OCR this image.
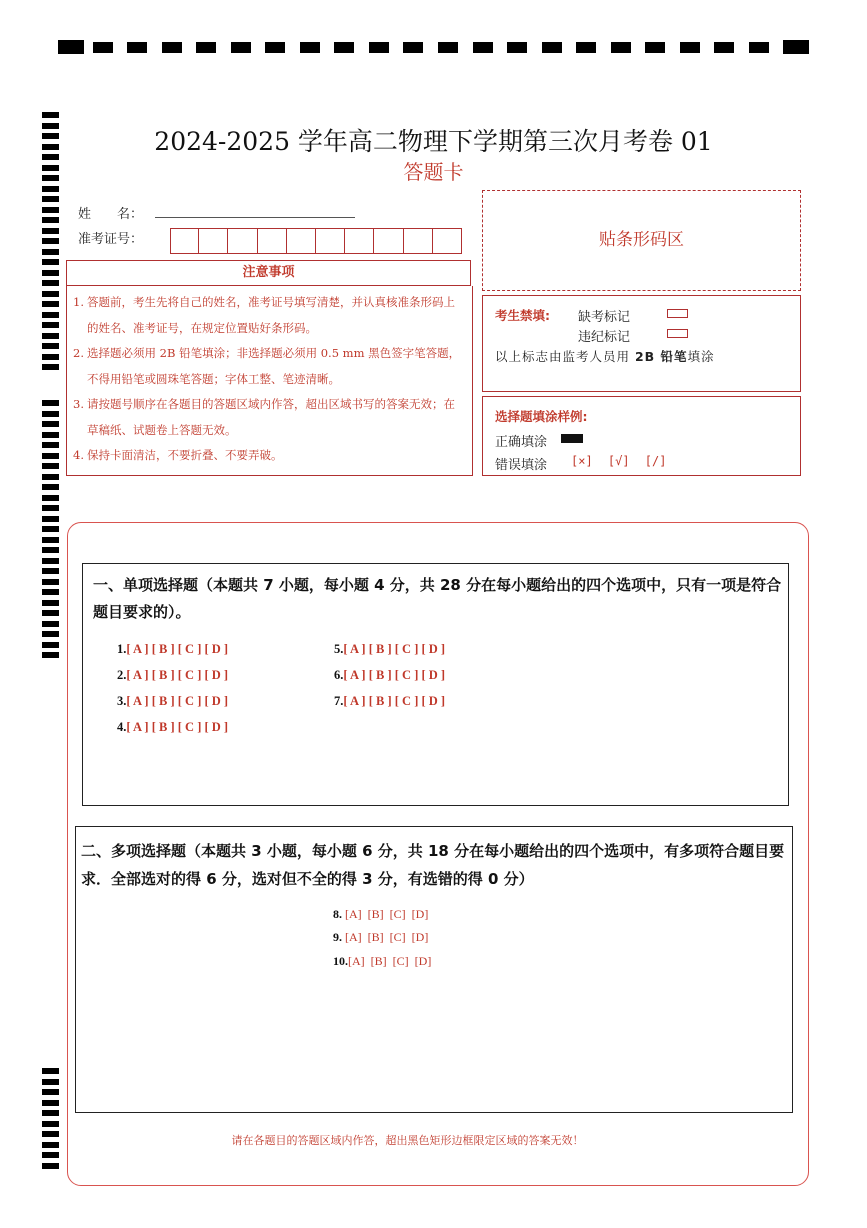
2024-2025 学年高二物理下学期第三次月考卷 01
答题卡
姓　　名：
准考证号：
注意事项
1. 答题前，考生先将自己的姓名，准考证号填写清楚，并认真核准条形码上的姓名、准考证号，在规定位置贴好条形码。
2. 选择题必须用 2B 铅笔填涂；非选择题必须用 0.5 mm 黑色签字笔答题，不得用铅笔或圆珠笔答题；字体工整、笔迹清晰。
3. 请按题号顺序在各题目的答题区域内作答，超出区域书写的答案无效；在草稿纸、试题卷上答题无效。
4. 保持卡面清洁，不要折叠、不要弄破。
贴条形码区
考生禁填: 缺考标记
违纪标记
以上标志由监考人员用 2B 铅笔填涂
选择题填涂样例:
正确填涂
错误填涂 [×] [√] [/]
一、单项选择题（本题共 7 小题，每小题 4 分，共 28 分在每小题给出的四个选项中，只有一项是符合题目要求的）。
1.[ A ] [ B ] [ C ] [ D ]
2.[ A ] [ B ] [ C ] [ D ]
3.[ A ] [ B ] [ C ] [ D ]
4.[ A ] [ B ] [ C ] [ D ]
5.[ A ] [ B ] [ C ] [ D ]
6.[ A ] [ B ] [ C ] [ D ]
7.[ A ] [ B ] [ C ] [ D ]
二、多项选择题（本题共 3 小题，每小题 6 分，共 18 分在每小题给出的四个选项中，有多项符合题目要求．全部选对的得 6 分，选对但不全的得 3 分，有选错的得 0 分）
8. [A]  [B]  [C]  [D]
9. [A]  [B]  [C]  [D]
10.[A]  [B]  [C]  [D]
请在各题目的答题区域内作答，超出黑色矩形边框限定区域的答案无效！
